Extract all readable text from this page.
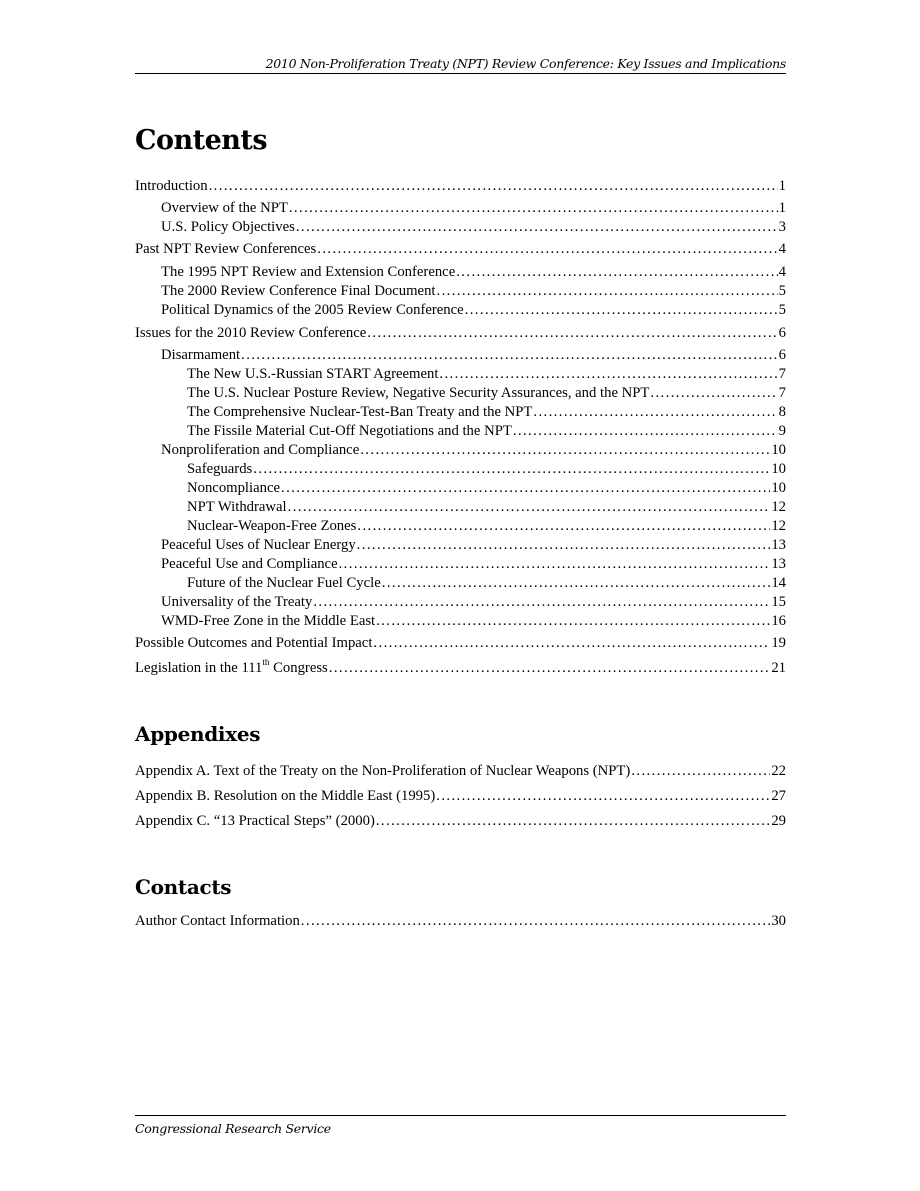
2010 Non-Proliferation Treaty (NPT) Review Conference: Key Issues and Implications
Contents
Introduction .....	1
Overview of the NPT .....	1
U.S. Policy Objectives .....	3
Past NPT Review Conferences .....	4
The 1995 NPT Review and Extension Conference .....	4
The 2000 Review Conference Final Document .....	5
Political Dynamics of the 2005 Review Conference .....	5
Issues for the 2010 Review Conference .....	6
Disarmament .....	6
The New U.S.-Russian START Agreement .....	7
The U.S. Nuclear Posture Review, Negative Security Assurances, and the NPT .....	7
The Comprehensive Nuclear-Test-Ban Treaty and the NPT .....	8
The Fissile Material Cut-Off Negotiations and the NPT .....	9
Nonproliferation and Compliance .....	10
Safeguards .....	10
Noncompliance .....	10
NPT Withdrawal .....	12
Nuclear-Weapon-Free Zones .....	12
Peaceful Uses of Nuclear Energy .....	13
Peaceful Use and Compliance .....	13
Future of the Nuclear Fuel Cycle .....	14
Universality of the Treaty .....	15
WMD-Free Zone in the Middle East .....	16
Possible Outcomes and Potential Impact .....	19
Legislation in the 111th Congress .....	21
Appendixes
Appendix A. Text of the Treaty on the Non-Proliferation of Nuclear Weapons (NPT) .....	22
Appendix B. Resolution on the Middle East (1995) .....	27
Appendix C. “13 Practical Steps” (2000) .....	29
Contacts
Author Contact Information .....	30
Congressional Research Service
